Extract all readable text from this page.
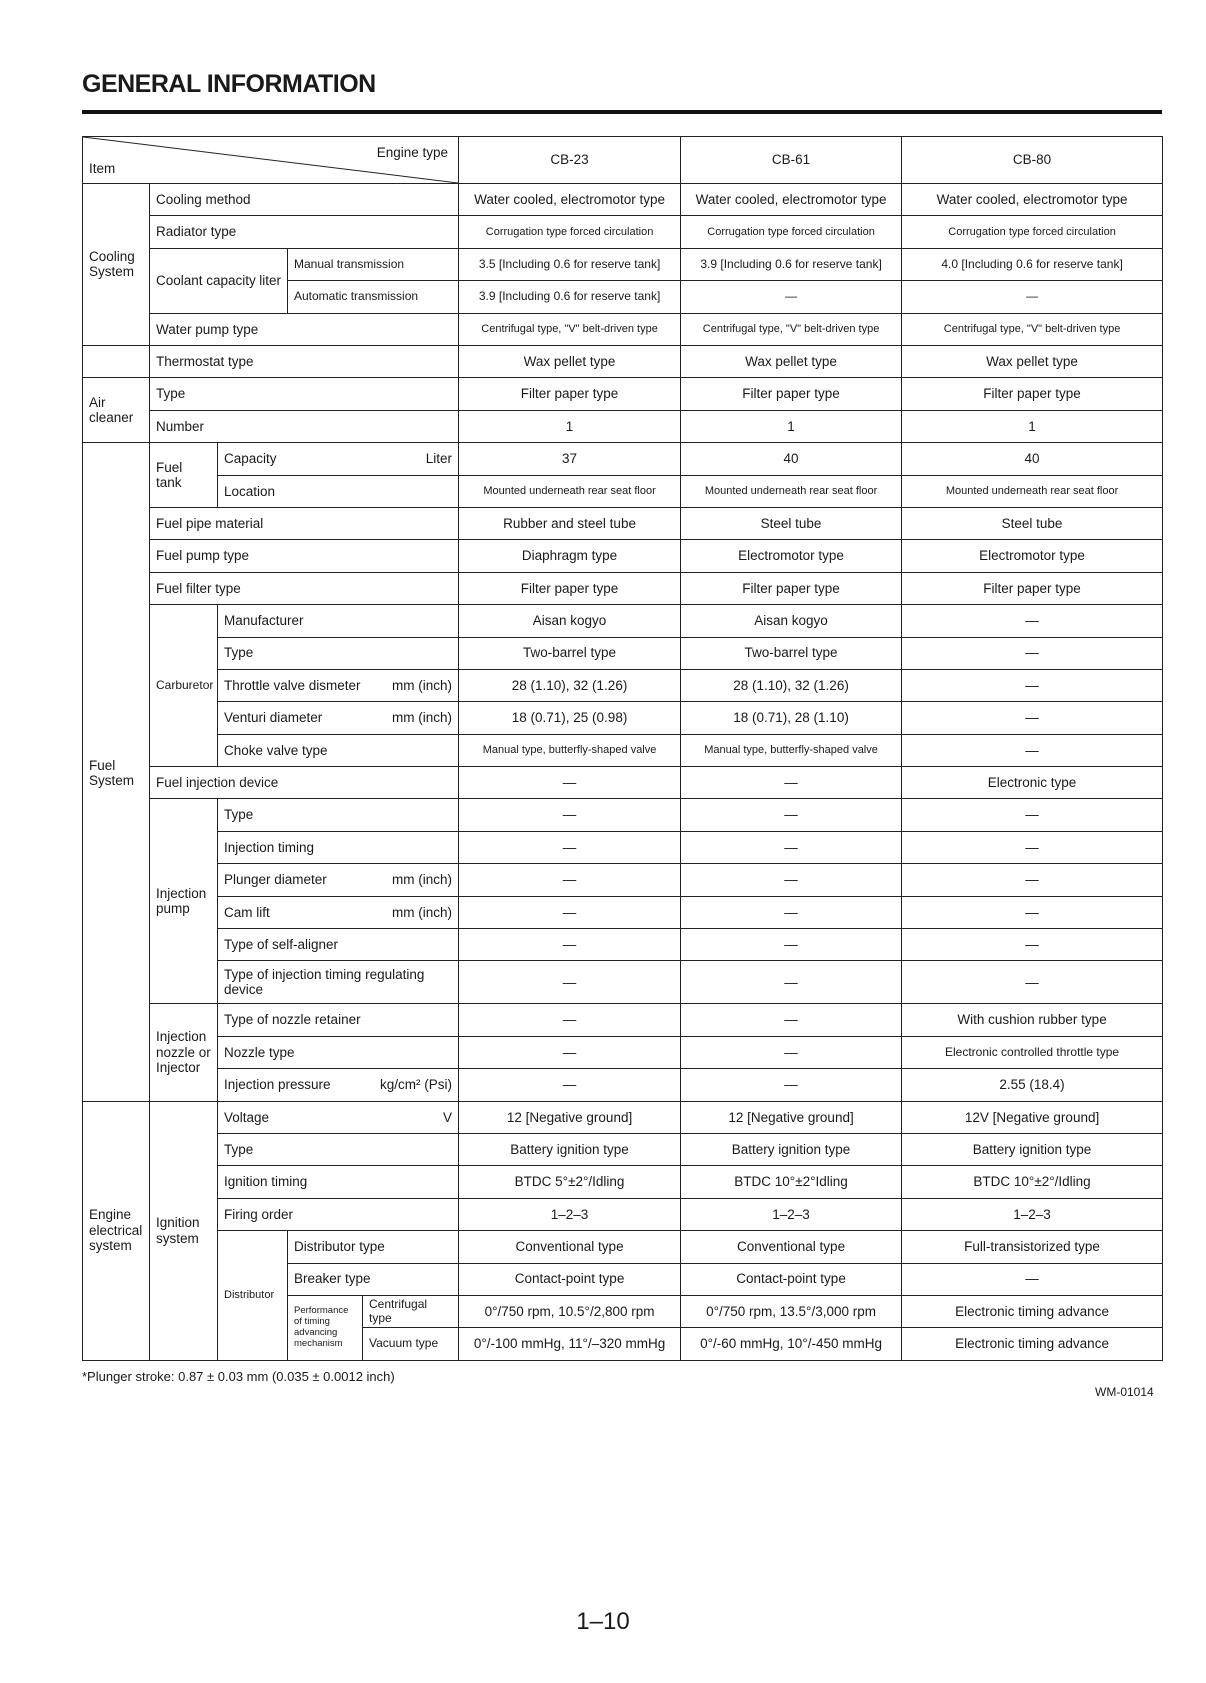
GENERAL INFORMATION
Engine type
Item			CB-23	CB-61	CB-80
Cooling System	Cooling method		Water cooled, electromotor type	Water cooled, electromotor type	Water cooled, electromotor type
	Radiator type		Corrugation type forced circulation	Corrugation type forced circulation	Corrugation type forced circulation
	Coolant capacity liter	Manual transmission	3.5 [Including 0.6 for reserve tank]	3.9 [Including 0.6 for reserve tank]	4.0 [Including 0.6 for reserve tank]

		Automatic transmission	3.9 [Including 0.6 for reserve tank]	—	—

	Water pump type		Centrifugal type, "V" belt-driven type	Centrifugal type, "V" belt-driven type	Centrifugal type, "V" belt-driven type
	Thermostat type				Wax pellet type	Wax pellet type	Wax pellet type
Air cleaner	Type				Filter paper type	Filter paper type	Filter paper type
	Number				1	1	1
Fuel System	Fuel tank	Capacity Liter			37	40	40
		Location			Mounted underneath rear seat floor	Mounted underneath rear seat floor	Mounted underneath rear seat floor
	Fuel pipe material				Rubber and steel tube	Steel tube	Steel tube
	Fuel pump type				Diaphragm type	Electromotor type	Electromotor type
	Fuel filter type				Filter paper type	Filter paper type	Filter paper type
	Carburetor	Manufacturer			Aisan kogyo	Aisan kogyo	—
		Type			Two-barrel type	Two-barrel type	—
		Throttle valve dismeter mm (inch)			28 (1.10), 32 (1.26)	28 (1.10), 32 (1.26)	—
		Venturi diameter mm (inch)			18 (0.71), 25 (0.98)	18 (0.71), 28 (1.10)	—
		Choke valve type			Manual type, butterfly-shaped valve	Manual type, butterfly-shaped valve	—
	Fuel injection device				—	—	Electronic type
	Injection pump	Type			—	—	—
		Injection timing			—	—	—
		Plunger diameter mm (inch)			—	—	—
		Cam lift mm (inch)			—	—	—
		Type of self-aligner			—	—	—
		Type of injection timing regulating device			—	—	—
	Injection nozzle or Injector	Type of nozzle retainer			—	—	With cushion rubber type
		Nozzle type			—	—	Electronic controlled throttle type
		Injection pressure kg/cm² (Psi)			—	—	2.55 (18.4)
Engine electrical system	Ignition system	Voltage V			12 [Negative ground]	12 [Negative ground]	12V [Negative ground]
		Type			Battery ignition type	Battery ignition type	Battery ignition type
		Ignition timing			BTDC 5°±2°/Idling	BTDC 10°±2°Idling	BTDC 10°±2°/Idling
		Firing order			1–2–3	1–2–3	1–2–3
		Distributor	Distributor type		Conventional type	Conventional type	Full-transistorized type
			Breaker type		Contact-point type	Contact-point type	—
			Performance of timing advancing mechanism	Centrifugal type	0°/750 rpm, 10.5°/2,800 rpm	0°/750 rpm, 13.5°/3,000 rpm	Electronic timing advance
				Vacuum type	0°/-100 mmHg, 11°/–320 mmHg	0°/-60 mmHg, 10°/-450 mmHg	Electronic timing advance
*Plunger stroke: 0.87 ± 0.03 mm (0.035 ± 0.0012 inch)
WM-01014
1–10
